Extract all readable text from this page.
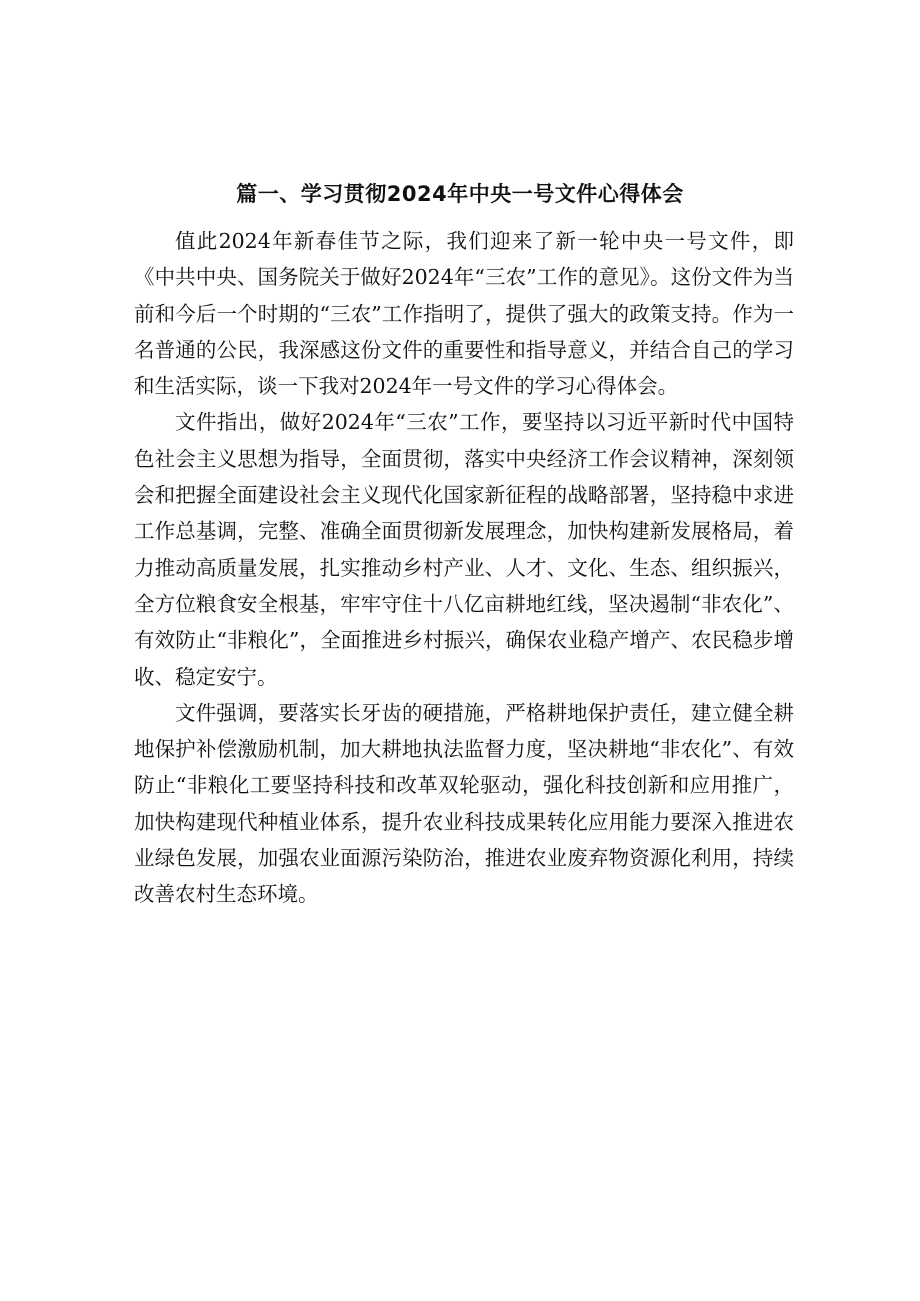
篇一、学习贯彻2024年中央一号文件心得体会

值此2024年新春佳节之际，我们迎来了新一轮中央一号文件，即《中共中央、国务院关于做好2024年“三农”工作的意见》。这份文件为当前和今后一个时期的“三农”工作指明了，提供了强大的政策支持。作为一名普通的公民，我深感这份文件的重要性和指导意义，并结合自己的学习和生活实际，谈一下我对2024年一号文件的学习心得体会。

文件指出，做好2024年“三农”工作，要坚持以习近平新时代中国特色社会主义思想为指导，全面贯彻，落实中央经济工作会议精神，深刻领会和把握全面建设社会主义现代化国家新征程的战略部署，坚持稳中求进工作总基调，完整、准确全面贯彻新发展理念，加快构建新发展格局，着力推动高质量发展，扎实推动乡村产业、人才、文化、生态、组织振兴，全方位粮食安全根基，牢牢守住十八亿亩耕地红线，坚决遏制“非农化”、有效防止“非粮化”，全面推进乡村振兴，确保农业稳产增产、农民稳步增收、稳定安宁。

文件强调，要落实长牙齿的硬措施，严格耕地保护责任，建立健全耕地保护补偿激励机制，加大耕地执法监督力度，坚决耕地“非农化”、有效防止“非粮化工要坚持科技和改革双轮驱动，强化科技创新和应用推广，加快构建现代种植业体系，提升农业科技成果转化应用能力要深入推进农业绿色发展，加强农业面源污染防治，推进农业废弃物资源化利用，持续改善农村生态环境。
